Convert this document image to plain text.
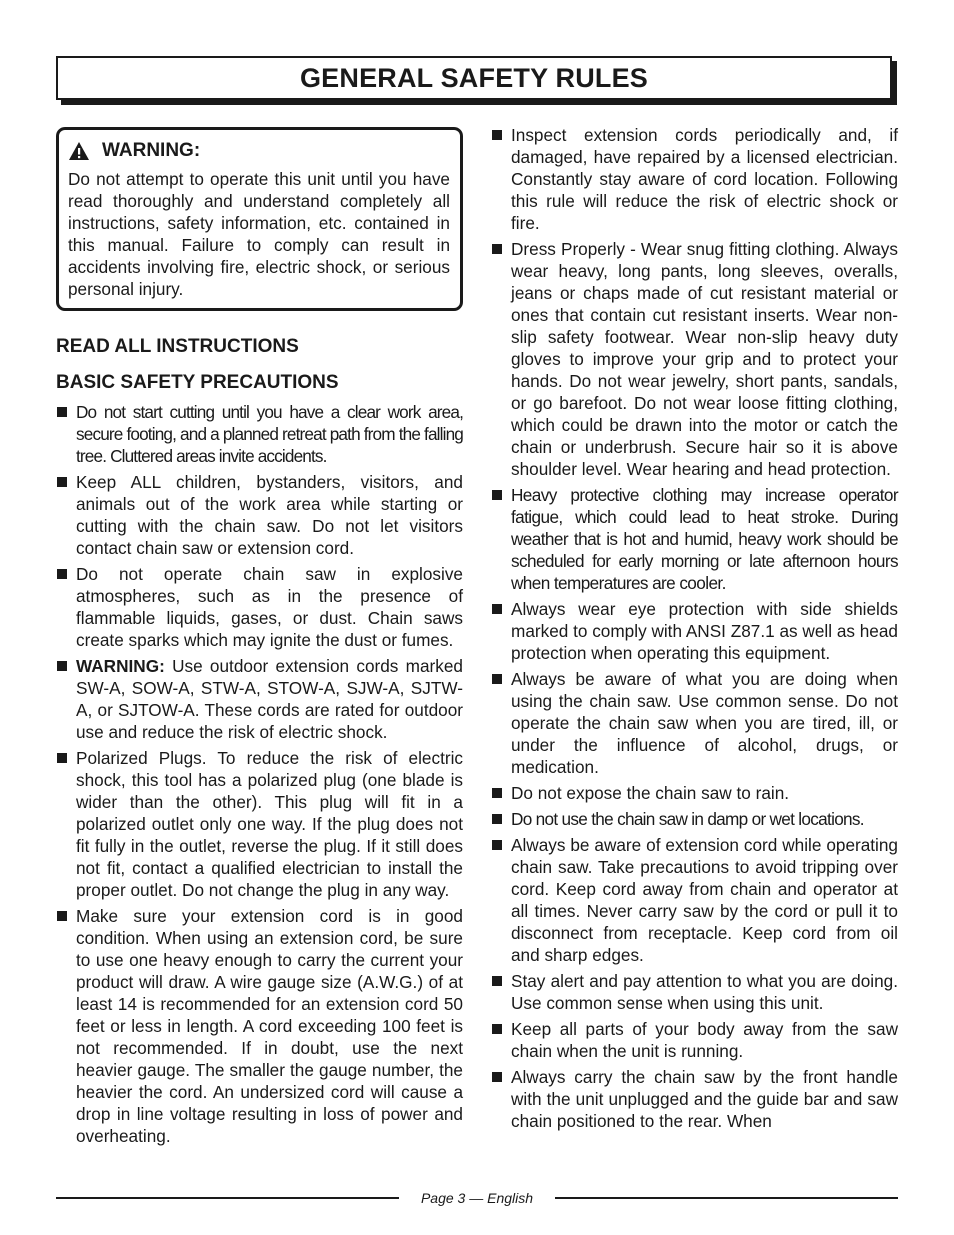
GENERAL SAFETY RULES
WARNING:
Do not attempt to operate this unit until you have read thoroughly and understand completely all instructions, safety information, etc. contained in this manual. Failure to comply can result in accidents involving fire, electric shock, or serious personal injury.
READ ALL INSTRUCTIONS
BASIC SAFETY PRECAUTIONS
Do not start cutting until you have a clear work area, secure footing, and a planned retreat path from the falling tree. Cluttered areas invite accidents.
Keep ALL children, bystanders, visitors, and animals out of the work area while starting or cutting with the chain saw. Do not let visitors contact chain saw or extension cord.
Do not operate chain saw in explosive atmospheres, such as in the presence of flammable liquids, gases, or dust. Chain saws create sparks which may ignite the dust or fumes.
WARNING: Use outdoor extension cords marked SW-A, SOW-A, STW-A, STOW-A, SJW-A, SJTW-A, or SJTOW-A. These cords are rated for outdoor use and reduce the risk of electric shock.
Polarized Plugs. To reduce the risk of electric shock, this tool has a polarized plug (one blade is wider than the other). This plug will fit in a polarized outlet only one way. If the plug does not fit fully in the outlet, reverse the plug. If it still does not fit, contact a qualified electrician to install the proper outlet. Do not change the plug in any way.
Make sure your extension cord is in good condition. When using an extension cord, be sure to use one heavy enough to carry the current your product will draw. A wire gauge size (A.W.G.) of at least 14 is recommended for an extension cord 50 feet or less in length. A cord exceeding 100 feet is not recommended. If in doubt, use the next heavier gauge. The smaller the gauge number, the heavier the cord. An undersized cord will cause a drop in line voltage resulting in loss of power and overheating.
Inspect extension cords periodically and, if damaged, have repaired by a licensed electrician. Constantly stay aware of cord location. Following this rule will reduce the risk of electric shock or fire.
Dress Properly - Wear snug fitting clothing. Always wear heavy, long pants, long sleeves, overalls, jeans or chaps made of cut resistant material or ones that contain cut resistant inserts. Wear non-slip safety footwear. Wear non-slip heavy duty gloves to improve your grip and to protect your hands. Do not wear jewelry, short pants, sandals, or go barefoot. Do not wear loose fitting clothing, which could be drawn into the motor or catch the chain or underbrush. Secure hair so it is above shoulder level. Wear hearing and head protection.
Heavy protective clothing may increase operator fatigue, which could lead to heat stroke. During weather that is hot and humid, heavy work should be scheduled for early morning or late afternoon hours when temperatures are cooler.
Always wear eye protection with side shields marked to comply with ANSI Z87.1 as well as head protection when operating this equipment.
Always be aware of what you are doing when using the chain saw. Use common sense. Do not operate the chain saw when you are tired, ill, or under the influence of alcohol, drugs, or medication.
Do not expose the chain saw to rain.
Do not use the chain saw in damp or wet locations.
Always be aware of extension cord while operating chain saw. Take precautions to avoid tripping over cord. Keep cord away from chain and operator at all times. Never carry saw by the cord or pull it to disconnect from receptacle. Keep cord from oil and sharp edges.
Stay alert and pay attention to what you are doing. Use common sense when using this unit.
Keep all parts of your body away from the saw chain when the unit is running.
Always carry the chain saw by the front handle with the unit unplugged and the guide bar and saw chain positioned to the rear. When
Page 3 — English
